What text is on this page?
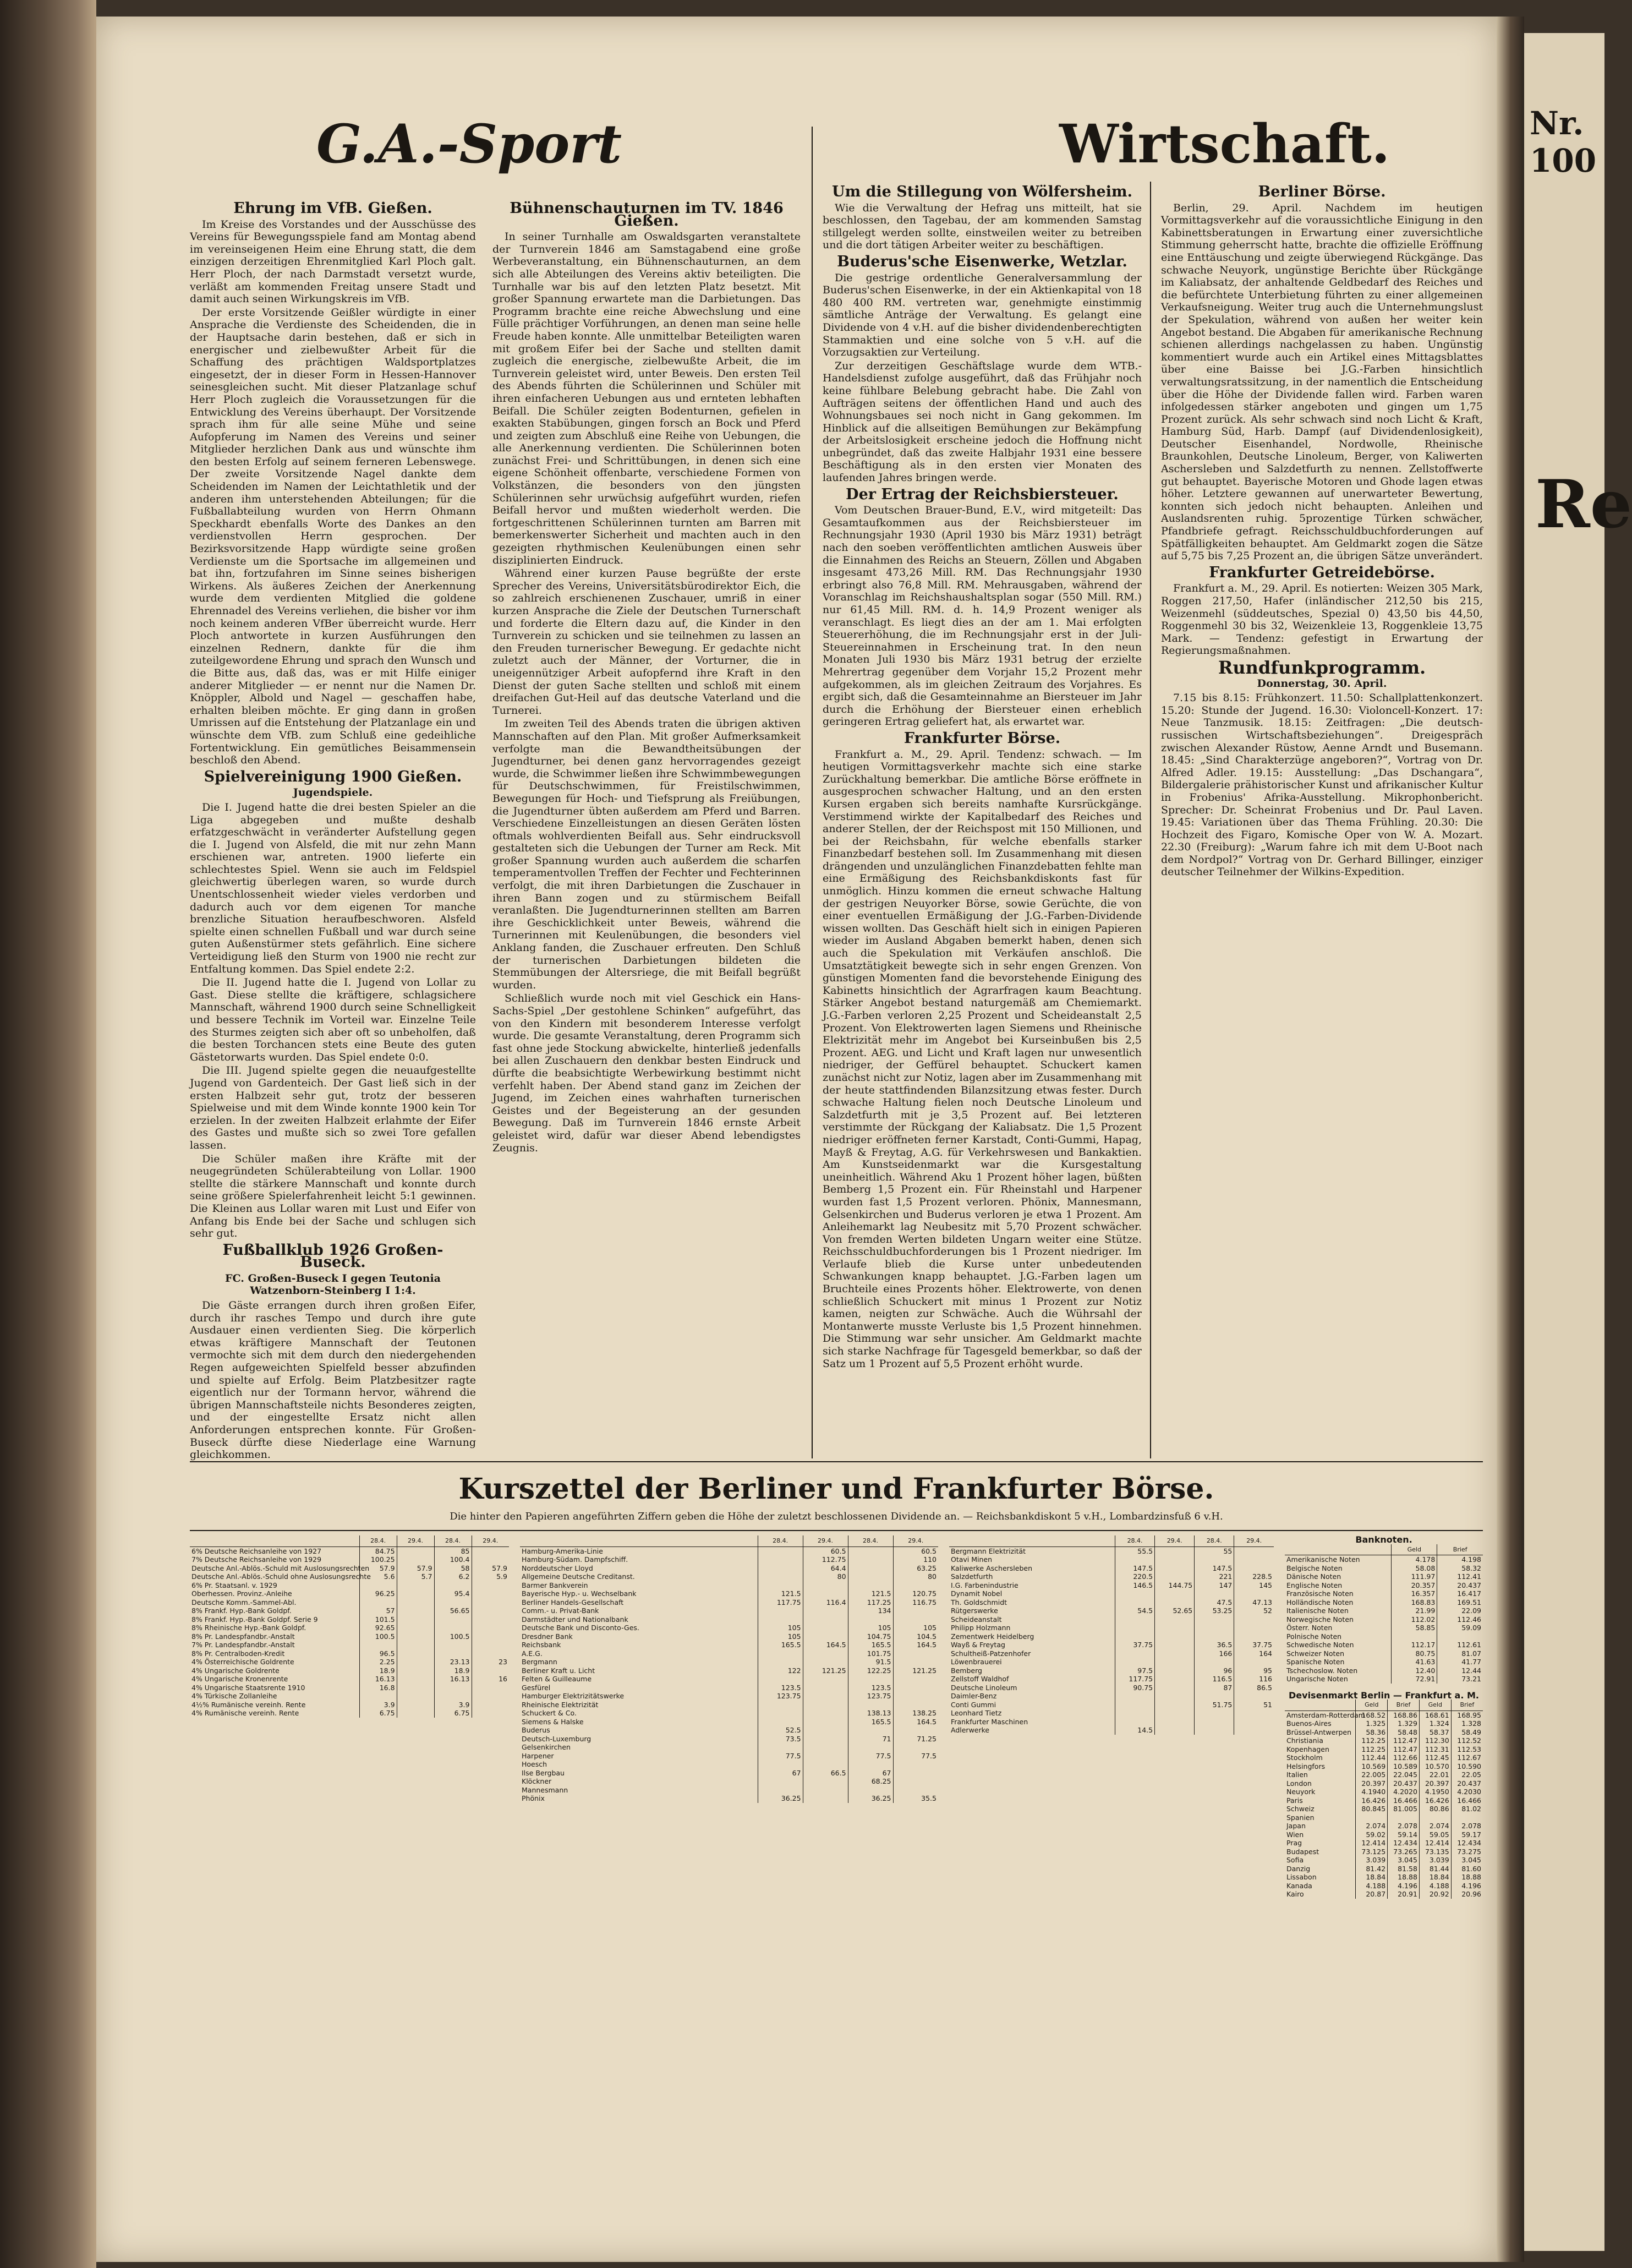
Nr. 100
Re
G.A.-Sport	Wirtschaft.
Ehrung im VfB. Gießen.

Im Kreise des Vorstandes und der Ausschüsse des Vereins für Bewegungsspiele fand am Montag abend im vereinseigenen Heim eine Ehrung statt, die dem einzigen derzeitigen Ehrenmitglied Karl Ploch galt. Herr Ploch, der nach Darmstadt versetzt wurde, verläßt am kommenden Freitag unsere Stadt und damit auch seinen Wirkungskreis im VfB.

Der erste Vorsitzende Geißler würdigte in einer Ansprache die Verdienste des Scheidenden, die in der Hauptsache darin bestehen, daß er sich in energischer und zielbewußter Arbeit für die Schaffung des prächtigen Waldsportplatzes eingesetzt, der in dieser Form in Hessen-Hannover seinesgleichen sucht. Mit dieser Platzanlage schuf Herr Ploch zugleich die Voraussetzungen für die Entwicklung des Vereins überhaupt. Der Vorsitzende sprach ihm für alle seine Mühe und seine Aufopferung im Namen des Vereins und seiner Mitglieder herzlichen Dank aus und wünschte ihm den besten Erfolg auf seinem ferneren Lebenswege. Der zweite Vorsitzende Nagel dankte dem Scheidenden im Namen der Leichtathletik und der anderen ihm unterstehenden Abteilungen; für die Fußballabteilung wurden von Herrn Ohmann Speckhardt ebenfalls Worte des Dankes an den verdienstvollen Herrn gesprochen. Der Bezirksvorsitzende Happ würdigte seine großen Verdienste um die Sportsache im allgemeinen und bat ihn, fortzufahren im Sinne seines bisherigen Wirkens. Als äußeres Zeichen der Anerkennung wurde dem verdienten Mitglied die goldene Ehrennadel des Vereins verliehen, die bisher vor ihm noch keinem anderen VfBer überreicht wurde. Herr Ploch antwortete in kurzen Ausführungen den einzelnen Rednern, dankte für die ihm zuteilgewordene Ehrung und sprach den Wunsch und die Bitte aus, daß das, was er mit Hilfe einiger anderer Mitglieder — er nennt nur die Namen Dr. Knöppler, Albold und Nagel — geschaffen habe, erhalten bleiben möchte. Er ging dann in großen Umrissen auf die Entstehung der Platzanlage ein und wünschte dem VfB. zum Schluß eine gedeihliche Fortentwicklung. Ein gemütliches Beisammensein beschloß den Abend.

Spielvereinigung 1900 Gießen.
Jugendspiele.

Die I. Jugend hatte die drei besten Spieler an die Liga abgegeben und mußte deshalb erfatzgeschwächt in veränderter Aufstellung gegen die I. Jugend von Alsfeld, die mit nur zehn Mann erschienen war, antreten. 1900 lieferte ein schlechtestes Spiel. Wenn sie auch im Feldspiel gleichwertig überlegen waren, so wurde durch Unentschlossenheit wieder vieles verdorben und dadurch auch vor dem eigenen Tor manche brenzliche Situation heraufbeschworen. Alsfeld spielte einen schnellen Fußball und war durch seine guten Außenstürmer stets gefährlich. Eine sichere Verteidigung ließ den Sturm von 1900 nie recht zur Entfaltung kommen. Das Spiel endete 2:2.

Die II. Jugend hatte die I. Jugend von Lollar zu Gast. Diese stellte die kräftigere, schlagsichere Mannschaft, während 1900 durch seine Schnelligkeit und bessere Technik im Vorteil war. Einzelne Teile des Sturmes zeigten sich aber oft so unbeholfen, daß die besten Torchancen stets eine Beute des guten Gästetorwarts wurden. Das Spiel endete 0:0.

Die III. Jugend spielte gegen die neuaufgestellte Jugend von Gardenteich. Der Gast ließ sich in der ersten Halbzeit sehr gut, trotz der besseren Spielweise und mit dem Winde konnte 1900 kein Tor erzielen. In der zweiten Halbzeit erlahmte der Eifer des Gastes und mußte sich so zwei Tore gefallen lassen.

Die Schüler maßen ihre Kräfte mit der neugegründeten Schülerabteilung von Lollar. 1900 stellte die stärkere Mannschaft und konnte durch seine größere Spielerfahrenheit leicht 5:1 gewinnen. Die Kleinen aus Lollar waren mit Lust und Eifer von Anfang bis Ende bei der Sache und schlugen sich sehr gut.

Fußballklub 1926 Großen-Buseck.
FC. Großen-Buseck I gegen Teutonia Watzenborn-Steinberg I 1:4.

Die Gäste errangen durch ihren großen Eifer, durch ihr rasches Tempo und durch ihre gute Ausdauer einen verdienten Sieg. Die körperlich etwas kräftigere Mannschaft der Teutonen vermochte sich mit dem durch den niedergehenden Regen aufgeweichten Spielfeld besser abzufinden und spielte auf Erfolg. Beim Platzbesitzer ragte eigentlich nur der Tormann hervor, während die übrigen Mannschaftsteile nichts Besonderes zeigten, und der eingestellte Ersatz nicht allen Anforderungen entsprechen konnte. Für Großen-Buseck dürfte diese Niederlage eine Warnung gleichkommen.

Bühnenschauturnen im TV. 1846 Gießen.

In seiner Turnhalle am Oswaldsgarten veranstaltete der Turnverein 1846 am Samstagabend eine große Werbeveranstaltung, ein Bühnenschauturnen, an dem sich alle Abteilungen des Vereins aktiv beteiligten. Die Turnhalle war bis auf den letzten Platz besetzt. Mit großer Spannung erwartete man die Darbietungen. Das Programm brachte eine reiche Abwechslung und eine Fülle prächtiger Vorführungen, an denen man seine helle Freude haben konnte. Alle unmittelbar Beteiligten waren mit großem Eifer bei der Sache und stellten damit zugleich die energische, zielbewußte Arbeit, die im Turnverein geleistet wird, unter Beweis. Den ersten Teil des Abends führten die Schülerinnen und Schüler mit ihren einfacheren Uebungen aus und ernteten lebhaften Beifall. Die Schüler zeigten Bodenturnen, gefielen in exakten Stabübungen, gingen forsch an Bock und Pferd und zeigten zum Abschluß eine Reihe von Uebungen, die alle Anerkennung verdienten. Die Schülerinnen boten zunächst Frei- und Schrittübungen, in denen sich eine eigene Schönheit offenbarte, verschiedene Formen von Volkstänzen, die besonders von den jüngsten Schülerinnen sehr urwüchsig aufgeführt wurden, riefen Beifall hervor und mußten wiederholt werden. Die fortgeschrittenen Schülerinnen turnten am Barren mit bemerkenswerter Sicherheit und machten auch in den gezeigten rhythmischen Keulenübungen einen sehr disziplinierten Eindruck.

Während einer kurzen Pause begrüßte der erste Sprecher des Vereins, Universitätsbürodirektor Eich, die so zahlreich erschienenen Zuschauer, umriß in einer kurzen Ansprache die Ziele der Deutschen Turnerschaft und forderte die Eltern dazu auf, die Kinder in den Turnverein zu schicken und sie teilnehmen zu lassen an den Freuden turnerischer Bewegung. Er gedachte nicht zuletzt auch der Männer, der Vorturner, die in uneigennütziger Arbeit aufopfernd ihre Kraft in den Dienst der guten Sache stellten und schloß mit einem dreifachen Gut-Heil auf das deutsche Vaterland und die Turnerei.

Im zweiten Teil des Abends traten die übrigen aktiven Mannschaften auf den Plan. Mit großer Aufmerksamkeit verfolgte man die Bewandtheitsübungen der Jugendturner, bei denen ganz hervorragendes gezeigt wurde, die Schwimmer ließen ihre Schwimmbewegungen für Deutschschwimmen, für Freistilschwimmen, Bewegungen für Hoch- und Tiefsprung als Freiübungen, die Jugendturner übten außerdem am Pferd und Barren. Verschiedene Einzelleistungen an diesen Geräten lösten oftmals wohlverdienten Beifall aus. Sehr eindrucksvoll gestalteten sich die Uebungen der Turner am Reck. Mit großer Spannung wurden auch außerdem die scharfen temperamentvollen Treffen der Fechter und Fechterinnen verfolgt, die mit ihren Darbietungen die Zuschauer in ihren Bann zogen und zu stürmischem Beifall veranlaßten. Die Jugendturnerinnen stellten am Barren ihre Geschicklichkeit unter Beweis, während die Turnerinnen mit Keulenübungen, die besonders viel Anklang fanden, die Zuschauer erfreuten. Den Schluß der turnerischen Darbietungen bildeten die Stemmübungen der Altersriege, die mit Beifall begrüßt wurden.

Schließlich wurde noch mit viel Geschick ein Hans-Sachs-Spiel „Der gestohlene Schinken“ aufgeführt, das von den Kindern mit besonderem Interesse verfolgt wurde. Die gesamte Veranstaltung, deren Programm sich fast ohne jede Stockung abwickelte, hinterließ jedenfalls bei allen Zuschauern den denkbar besten Eindruck und dürfte die beabsichtigte Werbewirkung bestimmt nicht verfehlt haben. Der Abend stand ganz im Zeichen der Jugend, im Zeichen eines wahrhaften turnerischen Geistes und der Begeisterung an der gesunden Bewegung. Daß im Turnverein 1846 ernste Arbeit geleistet wird, dafür war dieser Abend lebendigstes Zeugnis.

Um die Stillegung von Wölfersheim.

Wie die Verwaltung der Hefrag uns mitteilt, hat sie beschlossen, den Tagebau, der am kommenden Samstag stillgelegt werden sollte, einstweilen weiter zu betreiben und die dort tätigen Arbeiter weiter zu beschäftigen.

Buderus'sche Eisenwerke, Wetzlar.

Die gestrige ordentliche Generalversammlung der Buderus'schen Eisenwerke, in der ein Aktienkapital von 18 480 400 RM. vertreten war, genehmigte einstimmig sämtliche Anträge der Verwaltung. Es gelangt eine Dividende von 4 v.H. auf die bisher dividendenberechtigten Stammaktien und eine solche von 5 v.H. auf die Vorzugsaktien zur Verteilung.

Zur derzeitigen Geschäftslage wurde dem WTB.-Handelsdienst zufolge ausgeführt, daß das Frühjahr noch keine fühlbare Belebung gebracht habe. Die Zahl von Aufträgen seitens der öffentlichen Hand und auch des Wohnungsbaues sei noch nicht in Gang gekommen. Im Hinblick auf die allseitigen Bemühungen zur Bekämpfung der Arbeitslosigkeit erscheine jedoch die Hoffnung nicht unbegründet, daß das zweite Halbjahr 1931 eine bessere Beschäftigung als in den ersten vier Monaten des laufenden Jahres bringen werde.

Der Ertrag der Reichsbiersteuer.

Vom Deutschen Brauer-Bund, E.V., wird mitgeteilt: Das Gesamtaufkommen aus der Reichsbiersteuer im Rechnungsjahr 1930 (April 1930 bis März 1931) beträgt nach den soeben veröffentlichten amtlichen Ausweis über die Einnahmen des Reichs an Steuern, Zöllen und Abgaben insgesamt 473,26 Mill. RM. Das Rechnungsjahr 1930 erbringt also 76,8 Mill. RM. Mehrausgaben, während der Voranschlag im Reichshaushaltsplan sogar (550 Mill. RM.) nur 61,45 Mill. RM. d. h. 14,9 Prozent weniger als veranschlagt. Es liegt dies an der am 1. Mai erfolgten Steuererhöhung, die im Rechnungsjahr erst in der Juli-Steuereinnahmen in Erscheinung trat. In den neun Monaten Juli 1930 bis März 1931 betrug der erzielte Mehrertrag gegenüber dem Vorjahr 15,2 Prozent mehr aufgekommen, als im gleichen Zeitraum des Vorjahres. Es ergibt sich, daß die Gesamteinnahme an Biersteuer im Jahr durch die Erhöhung der Biersteuer einen erheblich geringeren Ertrag geliefert hat, als erwartet war.

Frankfurter Börse.

Frankfurt a. M., 29. April. Tendenz: schwach. — Im heutigen Vormittagsverkehr machte sich eine starke Zurückhaltung bemerkbar. Die amtliche Börse eröffnete in ausgesprochen schwacher Haltung, und an den ersten Kursen ergaben sich bereits namhafte Kursrückgänge. Verstimmend wirkte der Kapitalbedarf des Reiches und anderer Stellen, der der Reichspost mit 150 Millionen, und bei der Reichsbahn, für welche ebenfalls starker Finanzbedarf bestehen soll. Im Zusammenhang mit diesen drängenden und unzulänglichen Finanzdebatten fehlte man eine Ermäßigung des Reichsbankdiskonts fast für unmöglich. Hinzu kommen die erneut schwache Haltung der gestrigen Neuyorker Börse, sowie Gerüchte, die von einer eventuellen Ermäßigung der J.G.-Farben-Dividende wissen wollten. Das Geschäft hielt sich in einigen Papieren wieder im Ausland Abgaben bemerkt haben, denen sich auch die Spekulation mit Verkäufen anschloß. Die Umsatztätigkeit bewegte sich in sehr engen Grenzen. Von günstigen Momenten fand die bevorstehende Einigung des Kabinetts hinsichtlich der Agrarfragen kaum Beachtung. Stärker Angebot bestand naturgemäß am Chemiemarkt. J.G.-Farben verloren 2,25 Prozent und Scheideanstalt 2,5 Prozent. Von Elektrowerten lagen Siemens und Rheinische Elektrizität mehr im Angebot bei Kurseinbußen bis 2,5 Prozent. AEG. und Licht und Kraft lagen nur unwesentlich niedriger, der Geffürel behauptet. Schuckert kamen zunächst nicht zur Notiz, lagen aber im Zusammenhang mit der heute stattfindenden Bilanzsitzung etwas fester. Durch schwache Haltung fielen noch Deutsche Linoleum und Salzdetfurth mit je 3,5 Prozent auf. Bei letzteren verstimmte der Rückgang der Kaliabsatz. Die 1,5 Prozent niedriger eröffneten ferner Karstadt, Conti-Gummi, Hapag, Mayß & Freytag, A.G. für Verkehrswesen und Bankaktien. Am Kunstseidenmarkt war die Kursgestaltung uneinheitlich. Während Aku 1 Prozent höher lagen, büßten Bemberg 1,5 Prozent ein. Für Rheinstahl und Harpener wurden fast 1,5 Prozent verloren. Phönix, Mannesmann, Gelsenkirchen und Buderus verloren je etwa 1 Prozent. Am Anleihemarkt lag Neubesitz mit 5,70 Prozent schwächer. Von fremden Werten bildeten Ungarn weiter eine Stütze. Reichsschuldbuchforderungen bis 1 Prozent niedriger. Im Verlaufe blieb die Kurse unter unbedeutenden Schwankungen knapp behauptet. J.G.-Farben lagen um Bruchteile eines Prozents höher. Elektrowerte, von denen schließlich Schuckert mit minus 1 Prozent zur Notiz kamen, neigten zur Schwäche. Auch die Wührsahl der Montanwerte musste Verluste bis 1,5 Prozent hinnehmen. Die Stimmung war sehr unsicher. Am Geldmarkt machte sich starke Nachfrage für Tagesgeld bemerkbar, so daß der Satz um 1 Prozent auf 5,5 Prozent erhöht wurde.

Berliner Börse.

Berlin, 29. April. Nachdem im heutigen Vormittagsverkehr auf die voraussichtliche Einigung in den Kabinettsberatungen in Erwartung einer zuversichtliche Stimmung geherrscht hatte, brachte die offizielle Eröffnung eine Enttäuschung und zeigte überwiegend Rückgänge. Das schwache Neuyork, ungünstige Berichte über Rückgänge im Kaliabsatz, der anhaltende Geldbedarf des Reiches und die befürchtete Unterbietung führten zu einer allgemeinen Verkaufsneigung. Weiter trug auch die Unternehmungslust der Spekulation, während von außen her weiter kein Angebot bestand. Die Abgaben für amerikanische Rechnung schienen allerdings nachgelassen zu haben. Ungünstig kommentiert wurde auch ein Artikel eines Mittagsblattes über eine Baisse bei J.G.-Farben hinsichtlich verwaltungsratssitzung, in der namentlich die Entscheidung über die Höhe der Dividende fallen wird. Farben waren infolgedessen stärker angeboten und gingen um 1,75 Prozent zurück. Als sehr schwach sind noch Licht & Kraft, Hamburg Süd, Harb. Dampf (auf Dividendenlosigkeit), Deutscher Eisenhandel, Nordwolle, Rheinische Braunkohlen, Deutsche Linoleum, Berger, von Kaliwerten Aschersleben und Salzdetfurth zu nennen. Zellstoffwerte gut behauptet. Bayerische Motoren und Ghode lagen etwas höher. Letztere gewannen auf unerwarteter Bewertung, konnten sich jedoch nicht behaupten. Anleihen und Auslandsrenten ruhig. 5prozentige Türken schwächer, Pfandbriefe gefragt. Reichsschuldbuchforderungen auf Spätfälligkeiten behauptet. Am Geldmarkt zogen die Sätze auf 5,75 bis 7,25 Prozent an, die übrigen Sätze unverändert.

Frankfurter Getreidebörse.

Frankfurt a. M., 29. April. Es notierten: Weizen 305 Mark, Roggen 217,50, Hafer (inländischer 212,50 bis 215, Weizenmehl (süddeutsches, Spezial 0) 43,50 bis 44,50, Roggenmehl 30 bis 32, Weizenkleie 13, Roggenkleie 13,75 Mark. — Tendenz: gefestigt in Erwartung der Regierungsmaßnahmen.

Rundfunkprogramm.
Donnerstag, 30. April.

7.15 bis 8.15: Frühkonzert. 11.50: Schallplattenkonzert. 15.20: Stunde der Jugend. 16.30: Violoncell-Konzert. 17: Neue Tanzmusik. 18.15: Zeitfragen: „Die deutsch-russischen Wirtschaftsbeziehungen“. Dreigespräch zwischen Alexander Rüstow, Aenne Arndt und Busemann. 18.45: „Sind Charakterzüge angeboren?“, Vortrag von Dr. Alfred Adler. 19.15: Ausstellung: „Das Dschangara“, Bildergalerie prähistorischer Kunst und afrikanischer Kultur in Frobenius' Afrika-Ausstellung. Mikrophonbericht. Sprecher: Dr. Scheinrat Frobenius und Dr. Paul Laven. 19.45: Variationen über das Thema Frühling. 20.30: Die Hochzeit des Figaro, Komische Oper von W. A. Mozart. 22.30 (Freiburg): „Warum fahre ich mit dem U-Boot nach dem Nordpol?“ Vortrag von Dr. Gerhard Billinger, einziger deutscher Teilnehmer der Wilkins-Expedition.

Kurszettel der Berliner und Frankfurter Börse.
Die hinter den Papieren angeführten Ziffern geben die Höhe der zuletzt beschlossenen Dividende an. — Reichsbankdiskont 5 v.H., Lombardzinsfuß 6 v.H.
	28.4.	29.4.	28.4.	29.4.
6% Deutsche Reichsanleihe von 1927	84.75		85	
7% Deutsche Reichsanleihe von 1929	100.25		100.4	
Deutsche Anl.-Ablös.-Schuld mit Auslosungsrechten	57.9	57.9	58	57.9
Deutsche Anl.-Ablös.-Schuld ohne Auslosungsrechte	5.6	5.7	6.2	5.9
6% Pr. Staatsanl. v. 1929				
Oberhessen. Provinz.-Anleihe	96.25		95.4	
Deutsche Komm.-Sammel-Abl.				
8% Frankf. Hyp.-Bank Goldpf.	57		56.65	
8% Frankf. Hyp.-Bank Goldpf. Serie 9	101.5			
8% Rheinische Hyp.-Bank Goldpf.	92.65			
8% Pr. Landespfandbr.-Anstalt	100.5		100.5	
7% Pr. Landespfandbr.-Anstalt				
8% Pr. Centralboden-Kredit	96.5			
4% Österreichische Goldrente	2.25		23.13	23
4% Ungarische Goldrente	18.9		18.9	
4% Ungarische Kronenrente	16.13		16.13	16
4% Ungarische Staatsrente 1910	16.8			
4% Türkische Zollanleihe				
4½% Rumänische vereinh. Rente	3.9		3.9	
4% Rumänische vereinh. Rente	6.75		6.75	
	28.4.	29.4.	28.4.	29.4.
Hamburg-Amerika-Linie		60.5		60.5
Hamburg-Südam. Dampfschiff.		112.75		110
Norddeutscher Lloyd		64.4		63.25
Allgemeine Deutsche Creditanst.		80		80
Barmer Bankverein				
Bayerische Hyp.- u. Wechselbank	121.5		121.5	120.75
Berliner Handels-Gesellschaft	117.75	116.4	117.25	116.75
Comm.- u. Privat-Bank			134	
Darmstädter und Nationalbank				
Deutsche Bank und Disconto-Ges.	105		105	105
Dresdner Bank	105		104.75	104.5
Reichsbank	165.5	164.5	165.5	164.5
A.E.G.			101.75	
Bergmann			91.5	
Berliner Kraft u. Licht	122	121.25	122.25	121.25
Felten & Guilleaume				
Gesfürel	123.5		123.5	
Hamburger Elektrizitätswerke	123.75		123.75	
Rheinische Elektrizität				
Schuckert & Co.			138.13	138.25
Siemens & Halske			165.5	164.5
Buderus	52.5			
Deutsch-Luxemburg	73.5		71	71.25
Gelsenkirchen				
Harpener	77.5		77.5	77.5
Hoesch				
Ilse Bergbau	67	66.5	67	
Klöckner			68.25	
Mannesmann				
Phönix	36.25		36.25	35.5
	28.4.	29.4.	28.4.	29.4.
Bergmann Elektrizität	55.5		55	
Otavi Minen				
Kaliwerke Aschersleben	147.5		147.5	
Salzdetfurth	220.5		221	228.5
I.G. Farbenindustrie	146.5	144.75	147	145
Dynamit Nobel				
Th. Goldschmidt			47.5	47.13
Rütgerswerke	54.5	52.65	53.25	52
Scheideanstalt				
Philipp Holzmann				
Zementwerk Heidelberg				
Wayß & Freytag	37.75		36.5	37.75
Schultheiß-Patzenhofer			166	164
Löwenbrauerei				
Bemberg	97.5		96	95
Zellstoff Waldhof	117.75		116.5	116
Deutsche Linoleum	90.75		87	86.5
Daimler-Benz				
Conti Gummi			51.75	51
Leonhard Tietz				
Frankfurter Maschinen				
Adlerwerke	14.5			
Banknoten.
	Geld	Brief
Amerikanische Noten	4.178	4.198
Belgische Noten	58.08	58.32
Dänische Noten	111.97	112.41
Englische Noten	20.357	20.437
Französische Noten	16.357	16.417
Holländische Noten	168.83	169.51
Italienische Noten	21.99	22.09
Norwegische Noten	112.02	112.46
Österr. Noten	58.85	59.09
Polnische Noten		
Schwedische Noten	112.17	112.61
Schweizer Noten	80.75	81.07
Spanische Noten	41.63	41.77
Tschechoslow. Noten	12.40	12.44
Ungarische Noten	72.91	73.21
Devisenmarkt Berlin — Frankfurt a. M.
	Geld	Brief	Geld	Brief
Amsterdam-Rotterdam	168.52	168.86	168.61	168.95
Buenos-Aires	1.325	1.329	1.324	1.328
Brüssel-Antwerpen	58.36	58.48	58.37	58.49
Christiania	112.25	112.47	112.30	112.52
Kopenhagen	112.25	112.47	112.31	112.53
Stockholm	112.44	112.66	112.45	112.67
Helsingfors	10.569	10.589	10.570	10.590
Italien	22.005	22.045	22.01	22.05
London	20.397	20.437	20.397	20.437
Neuyork	4.1940	4.2020	4.1950	4.2030
Paris	16.426	16.466	16.426	16.466
Schweiz	80.845	81.005	80.86	81.02
Spanien				
Japan	2.074	2.078	2.074	2.078
Wien	59.02	59.14	59.05	59.17
Prag	12.414	12.434	12.414	12.434
Budapest	73.125	73.265	73.135	73.275
Sofia	3.039	3.045	3.039	3.045
Danzig	81.42	81.58	81.44	81.60
Lissabon	18.84	18.88	18.84	18.88
Kanada	4.188	4.196	4.188	4.196
Kairo	20.87	20.91	20.92	20.96
